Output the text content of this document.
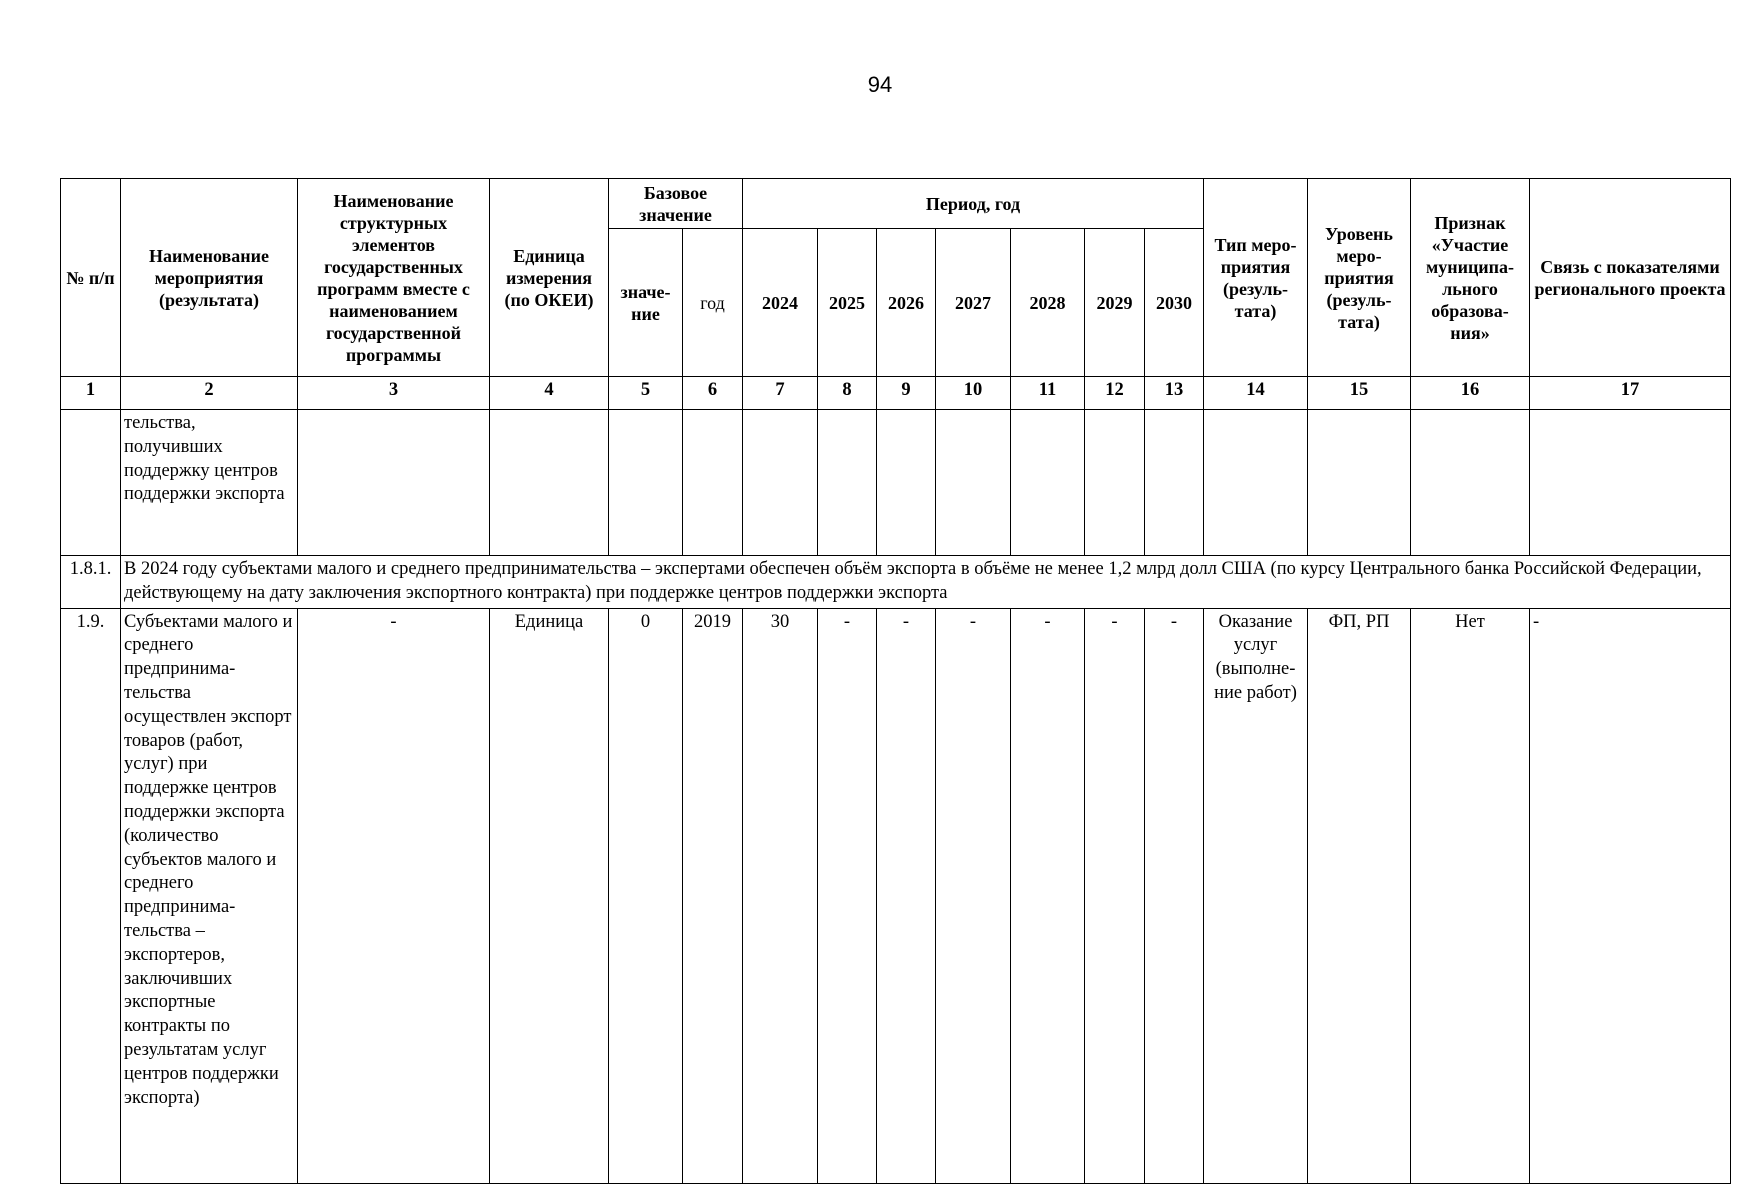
94
№ п/п	Наименование мероприятия (результата)	Наименование структурных элементов государственных программ вместе с наименованием государственной программы	Единица измерения (по ОКЕИ)	Базовое значение		Период, год							Тип меро-приятия (резуль-тата)	Уровень меро-приятия (резуль-тата)	Признак «Участие муниципа-льного образова-ния»	Связь с показателями регионального проекта
				значе-ние	год	2024	2025	2026	2027	2028	2029	2030				
1	2	3	4	5	6	7	8	9	10	11	12	13	14	15	16	17
	тельства, получивших поддержку центров поддержки экспорта															
1.8.1.	В 2024 году субъектами малого и среднего предпринимательства – экспертами обеспечен объём экспорта в объёме не менее 1,2 млрд долл США (по курсу Центрального банка Российской Федерации, действующему на дату заключения экспортного контракта) при поддержке центров поддержки экспорта															
1.9.	Субъектами малого и среднего предпринима-тельства осуществлен экспорт товаров (работ, услуг) при поддержке центров поддержки экспорта (количество субъектов малого и среднего предпринима-тельства – экспортеров, заключивших экспортные контракты по результатам услуг центров поддержки экспорта)	-	Единица	0	2019	30	-	-	-	-	-	-	Оказание услуг (выполне-ние работ)	ФП, РП	Нет	-
